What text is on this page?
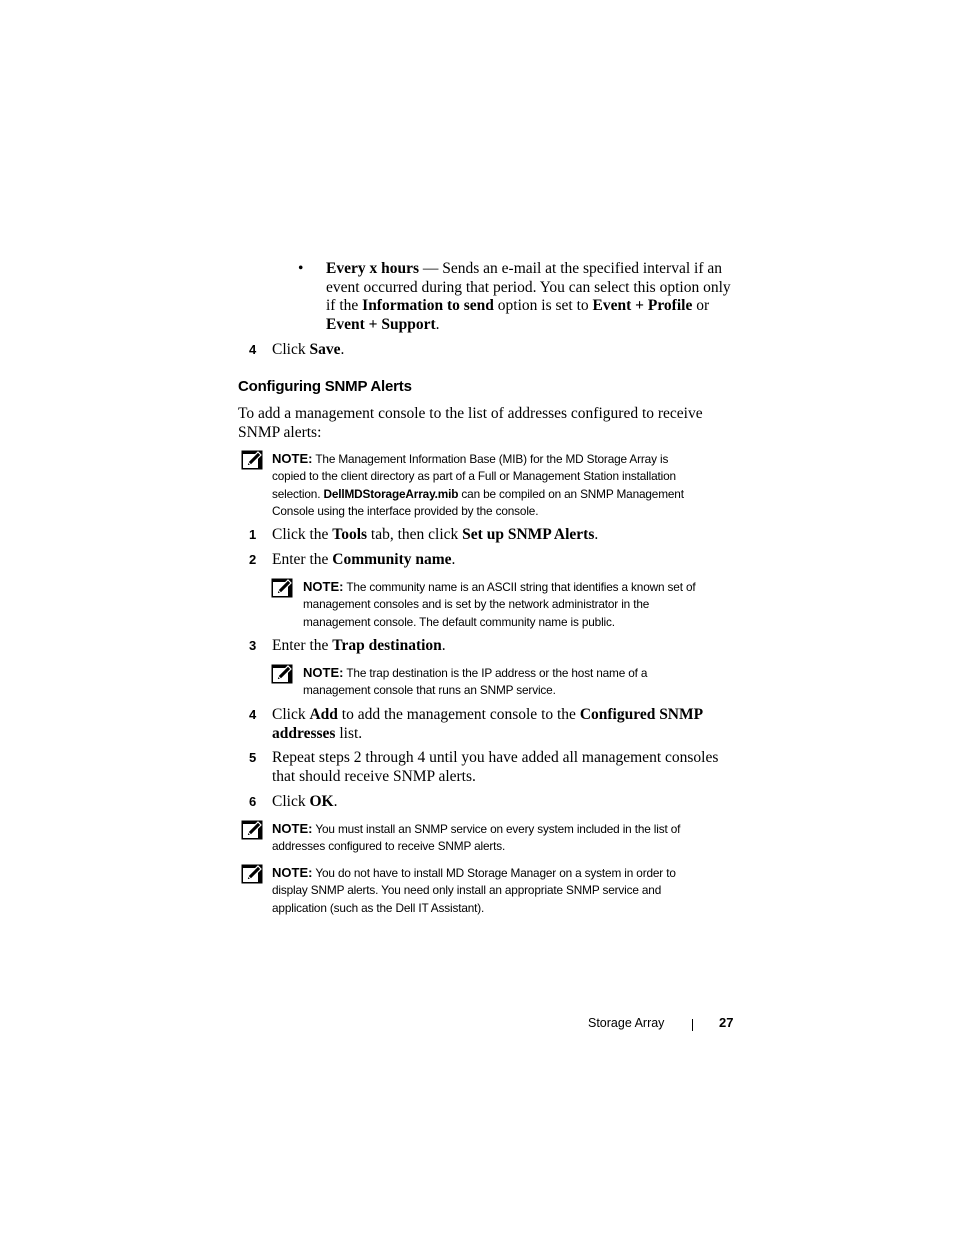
• Every x hours — Sends an e-mail at the specified interval if an
event occurred during that period. You can select this option only
if the Information to send option is set to Event + Profile or
Event + Support.
4 Click Save.
Configuring SNMP Alerts
To add a management console to the list of addresses configured to receive
SNMP alerts:
NOTE: The Management Information Base (MIB) for the MD Storage Array is
copied to the client directory as part of a Full or Management Station installation
selection. DellMDStorageArray.mib can be compiled on an SNMP Management
Console using the interface provided by the console.
1 Click the Tools tab, then click Set up SNMP Alerts.
2 Enter the Community name.
NOTE: The community name is an ASCII string that identifies a known set of
management consoles and is set by the network administrator in the
management console. The default community name is public.
3 Enter the Trap destination.
NOTE: The trap destination is the IP address or the host name of a
management console that runs an SNMP service.
4 Click Add to add the management console to the Configured SNMP
addresses list.
5 Repeat steps 2 through 4 until you have added all management consoles
that should receive SNMP alerts.
6 Click OK.
NOTE: You must install an SNMP service on every system included in the list of
addresses configured to receive SNMP alerts.
NOTE: You do not have to install MD Storage Manager on a system in order to
display SNMP alerts. You need only install an appropriate SNMP service and
application (such as the Dell IT Assistant).
Storage Array	27
